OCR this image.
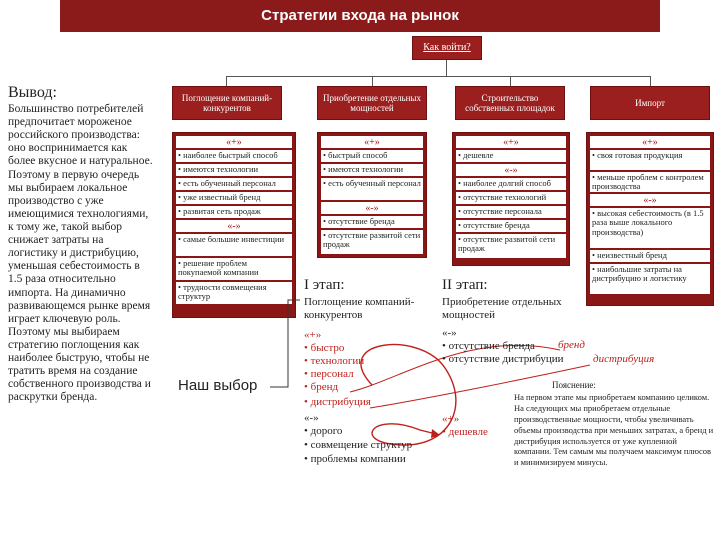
Стратегии входа на рынок
Как войти?
Поглощение компаний-конкурентов
Приобретение отдельных мощностей
Строительство собственных площадок
Импорт
«+»
• наиболее быстрый способ
• имеются технологии
• есть обученный персонал
• уже известный бренд
• развитая сеть продаж
«-»
• самые большие инвестиции
• решение проблем покупаемой компании
• трудности совмещения структур
«+»
• быстрый способ
• имеются технологии
• есть обученный персонал
«-»
• отсутствие бренда
• отсутствие развитой сети продаж
«+»
• дешевле
«-»
• наиболее долгий способ
• отсутствие технологий
• отсутствие персонала
• отсутствие бренда
• отсутствие развитой сети продаж
«+»
• своя готовая продукция
• меньше проблем с контролем производства
«-»
• высокая себестоимость (в 1.5 раза выше локального производства)
• неизвестный бренд
• наибольшие затраты на дистрибуцию и логистику
Вывод:
Большинство потребителей предпочитает мороженое российского производства: оно воспринимается как более вкусное и натуральное. Поэтому в первую очередь мы выбираем локальное производство с уже имеющимися технологиями, к тому же, такой выбор снижает затраты на логистику и дистрибуцию, уменьшая себестоимость в 1.5 раза относительно импорта. На динамично развивающемся рынке время играет ключевую роль. Поэтому мы выбираем стратегию поглощения как наиболее быструю, чтобы не тратить время на создание собственного производства и раскрутки бренда.
Наш выбор
I этап:
Поглощение компаний-конкурентов
«+»
• быстро
• технологии
• персонал
• бренд
• дистрибуция
«-»
• дорого
• совмещение структур
• проблемы компании
II этап:
Приобретение отдельных мощностей
«-»
• отсутствие бренда бренд
• отсутствие дистрибуции	дистрибуция
«+»
• дешевле
Пояснение:
На первом этапе мы приобретаем компанию целиком. На следующих мы приобретаем отдельные производственные мощности, чтобы увеличивать объемы производства при меньших затратах, а бренд и дистрибуция используется от уже купленной компании. Тем самым мы получаем максимум плюсов и минимизируем минусы.
